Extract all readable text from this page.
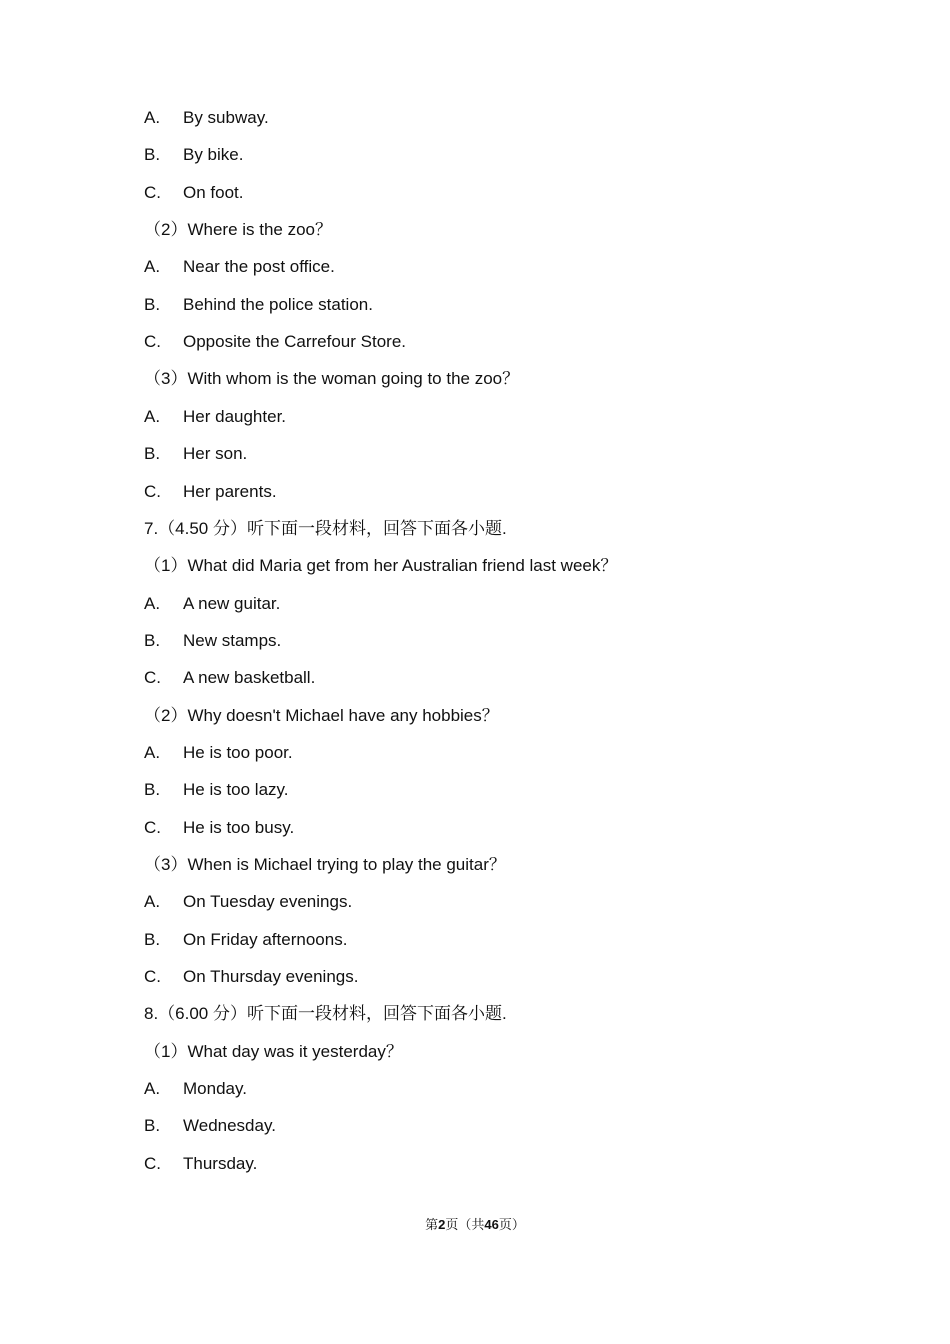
A. By subway.
B. By bike.
C. On foot.
（2）Where is the zoo？
A. Near the post office.
B. Behind the police station.
C. Opposite the Carrefour Store.
（3）With whom is the woman going to the zoo？
A. Her daughter.
B. Her son.
C. Her parents.
7.（4.50 分）听下面一段材料，回答下面各小题.
（1）What did Maria get from her Australian friend last week？
A. A new guitar.
B. New stamps.
C. A new basketball.
（2）Why doesn't Michael have any hobbies？
A. He is too poor.
B. He is too lazy.
C. He is too busy.
（3）When is Michael trying to play the guitar？
A. On Tuesday evenings.
B. On Friday afternoons.
C. On Thursday evenings.
8.（6.00 分）听下面一段材料，回答下面各小题.
（1）What day was it yesterday？
A. Monday.
B. Wednesday.
C. Thursday.
第2页（共46页）
